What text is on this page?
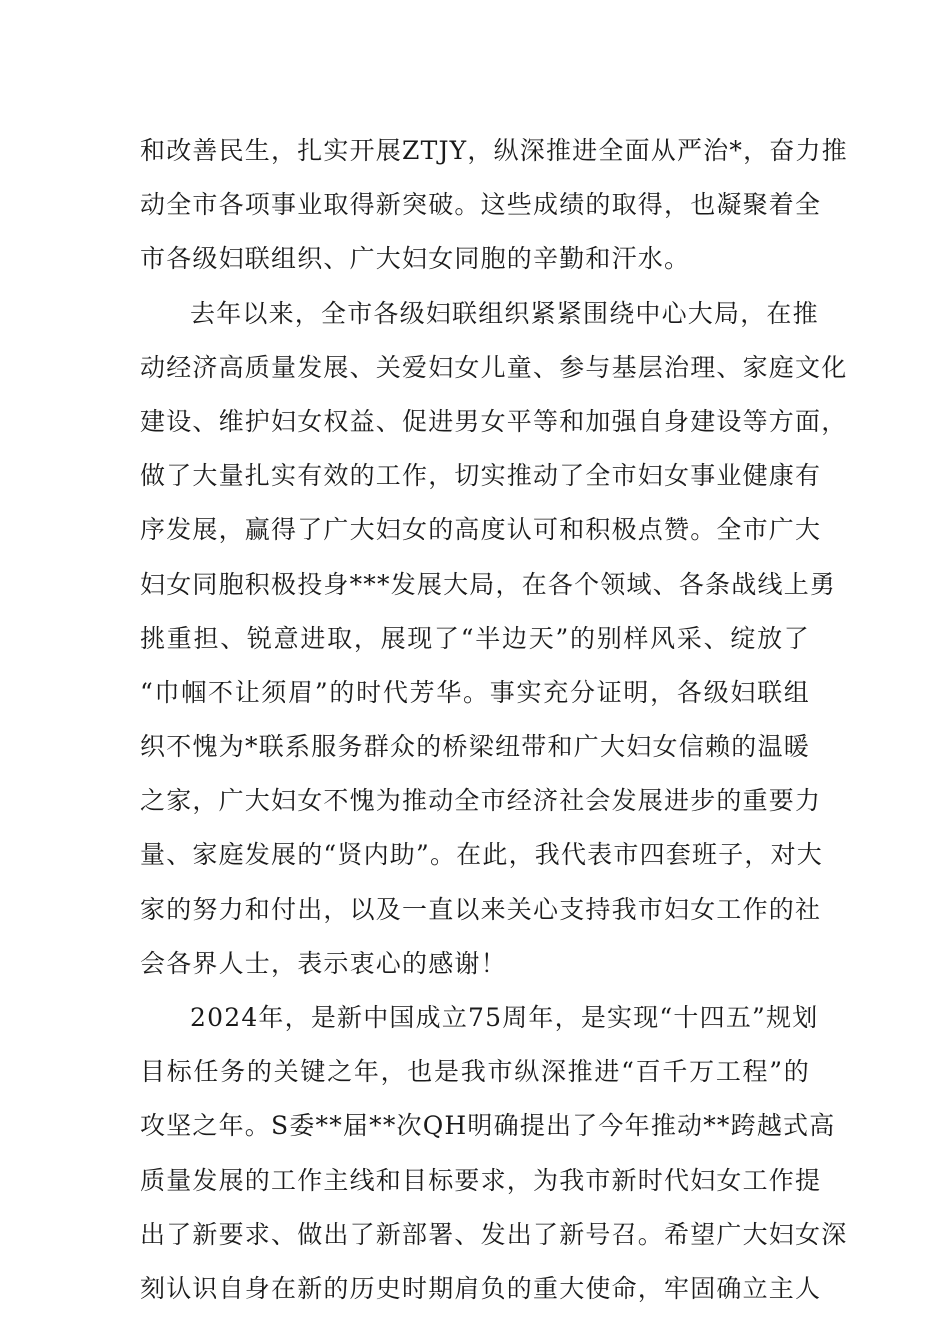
和改善民生，扎实开展ZTJY，纵深推进全面从严治*，奋力推
动全市各项事业取得新突破。这些成绩的取得，也凝聚着全
市各级妇联组织、广大妇女同胞的辛勤和汗水。
去年以来，全市各级妇联组织紧紧围绕中心大局，在推
动经济高质量发展、关爱妇女儿童、参与基层治理、家庭文化
建设、维护妇女权益、促进男女平等和加强自身建设等方面，
做了大量扎实有效的工作，切实推动了全市妇女事业健康有
序发展，赢得了广大妇女的高度认可和积极点赞。全市广大
妇女同胞积极投身***发展大局，在各个领域、各条战线上勇
挑重担、锐意进取，展现了“半边天”的别样风采、绽放了
“巾帼不让须眉”的时代芳华。事实充分证明，各级妇联组
织不愧为*联系服务群众的桥梁纽带和广大妇女信赖的温暖
之家，广大妇女不愧为推动全市经济社会发展进步的重要力
量、家庭发展的“贤内助”。在此，我代表市四套班子，对大
家的努力和付出，以及一直以来关心支持我市妇女工作的社
会各界人士，表示衷心的感谢！
2024年，是新中国成立75周年，是实现“十四五”规划
目标任务的关键之年，也是我市纵深推进“百千万工程”的
攻坚之年。S委**届**次QH明确提出了今年推动**跨越式高
质量发展的工作主线和目标要求，为我市新时代妇女工作提
出了新要求、做出了新部署、发出了新号召。希望广大妇女深
刻认识自身在新的历史时期肩负的重大使命，牢固确立主人
